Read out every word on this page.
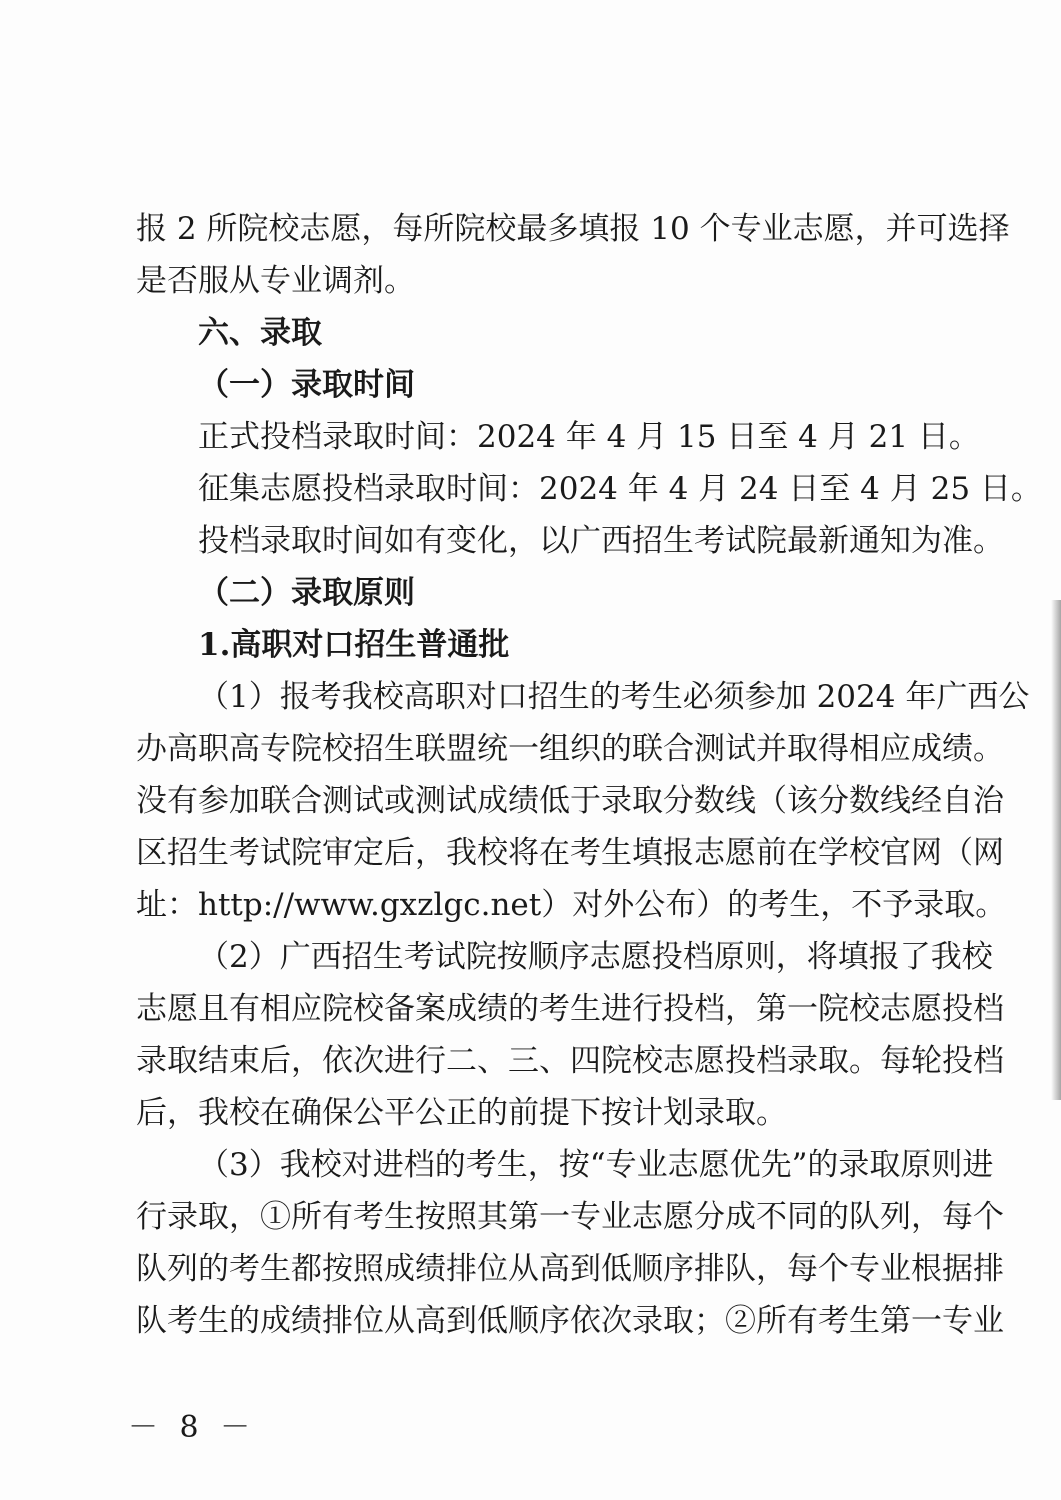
报 2 所院校志愿，每所院校最多填报 10 个专业志愿，并可选择
是否服从专业调剂。
六、录取
（一）录取时间
正式投档录取时间：2024 年 4 月 15 日至 4 月 21 日。
征集志愿投档录取时间：2024 年 4 月 24 日至 4 月 25 日。
投档录取时间如有变化，以广西招生考试院最新通知为准。
（二）录取原则
1.高职对口招生普通批
（1）报考我校高职对口招生的考生必须参加 2024 年广西公
办高职高专院校招生联盟统一组织的联合测试并取得相应成绩。
没有参加联合测试或测试成绩低于录取分数线（该分数线经自治
区招生考试院审定后，我校将在考生填报志愿前在学校官网（网
址：http://www.gxzlgc.net）对外公布）的考生，不予录取。
（2）广西招生考试院按顺序志愿投档原则，将填报了我校
志愿且有相应院校备案成绩的考生进行投档，第一院校志愿投档
录取结束后，依次进行二、三、四院校志愿投档录取。每轮投档
后，我校在确保公平公正的前提下按计划录取。
（3）我校对进档的考生，按“专业志愿优先”的录取原则进
行录取，①所有考生按照其第一专业志愿分成不同的队列，每个
队列的考生都按照成绩排位从高到低顺序排队，每个专业根据排
队考生的成绩排位从高到低顺序依次录取；②所有考生第一专业
－ 8 －
